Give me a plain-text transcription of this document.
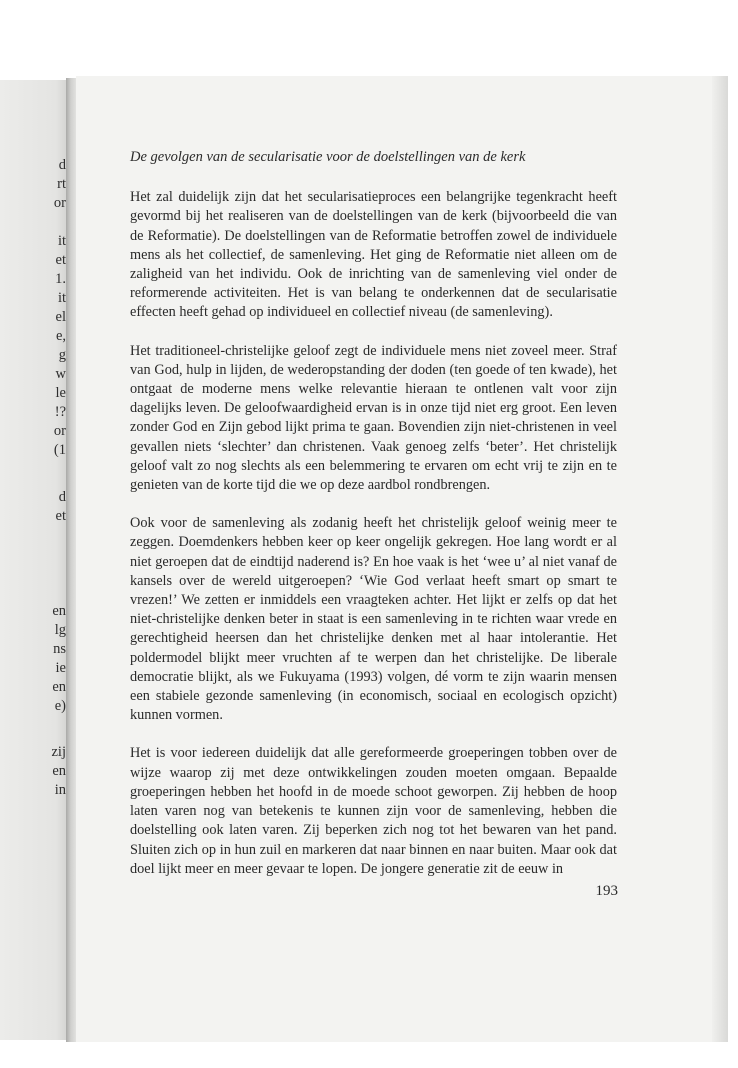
d
rt
or
it
et
1.
it
el
e,
g
w
le
!?
or
(1
d
et
en
lg
ns
ie
en
e)
zij
en
in

De gevolgen van de secularisatie voor de doelstellingen van de kerk

Het zal duidelijk zijn dat het secularisatieproces een belangrijke tegenkracht heeft gevormd bij het realiseren van de doelstellingen van de kerk (bijvoorbeeld die van de Reformatie). De doelstellingen van de Reformatie betroffen zowel de individuele mens als het collectief, de samenleving. Het ging de Reformatie niet alleen om de zaligheid van het individu. Ook de inrichting van de samenleving viel onder de reformerende activiteiten. Het is van belang te onderkennen dat de secularisatie effecten heeft gehad op individueel en collectief niveau (de samenleving).

Het traditioneel-christelijke geloof zegt de individuele mens niet zoveel meer. Straf van God, hulp in lijden, de wederopstanding der doden (ten goede of ten kwade), het ontgaat de moderne mens welke relevantie hieraan te ontlenen valt voor zijn dagelijks leven. De geloofwaardigheid ervan is in onze tijd niet erg groot. Een leven zonder God en Zijn gebod lijkt prima te gaan. Bovendien zijn niet-christenen in veel gevallen niets ‘slechter’ dan christenen. Vaak genoeg zelfs ‘beter’. Het christelijk geloof valt zo nog slechts als een belemmering te ervaren om echt vrij te zijn en te genieten van de korte tijd die we op deze aardbol rondbrengen.

Ook voor de samenleving als zodanig heeft het christelijk geloof weinig meer te zeggen. Doemdenkers hebben keer op keer ongelijk gekregen. Hoe lang wordt er al niet geroepen dat de eindtijd naderend is? En hoe vaak is het ‘wee u’ al niet vanaf de kansels over de wereld uitgeroepen? ‘Wie God verlaat heeft smart op smart te vrezen!’ We zetten er inmiddels een vraagteken achter. Het lijkt er zelfs op dat het niet-christelijke denken beter in staat is een samenleving in te richten waar vrede en gerechtigheid heersen dan het christelijke denken met al haar intolerantie. Het poldermodel blijkt meer vruchten af te werpen dan het christelijke. De liberale democratie blijkt, als we Fukuyama (1993) volgen, dé vorm te zijn waarin mensen een stabiele gezonde samenleving (in economisch, sociaal en ecologisch opzicht) kunnen vormen.

Het is voor iedereen duidelijk dat alle gereformeerde groeperingen tobben over de wijze waarop zij met deze ontwikkelingen zouden moeten omgaan. Bepaalde groeperingen hebben het hoofd in de moede schoot geworpen. Zij hebben de hoop laten varen nog van betekenis te kunnen zijn voor de samenleving, hebben die doelstelling ook laten varen. Zij beperken zich nog tot het bewaren van het pand. Sluiten zich op in hun zuil en markeren dat naar binnen en naar buiten. Maar ook dat doel lijkt meer en meer gevaar te lopen. De jongere generatie zit de eeuw in

193
